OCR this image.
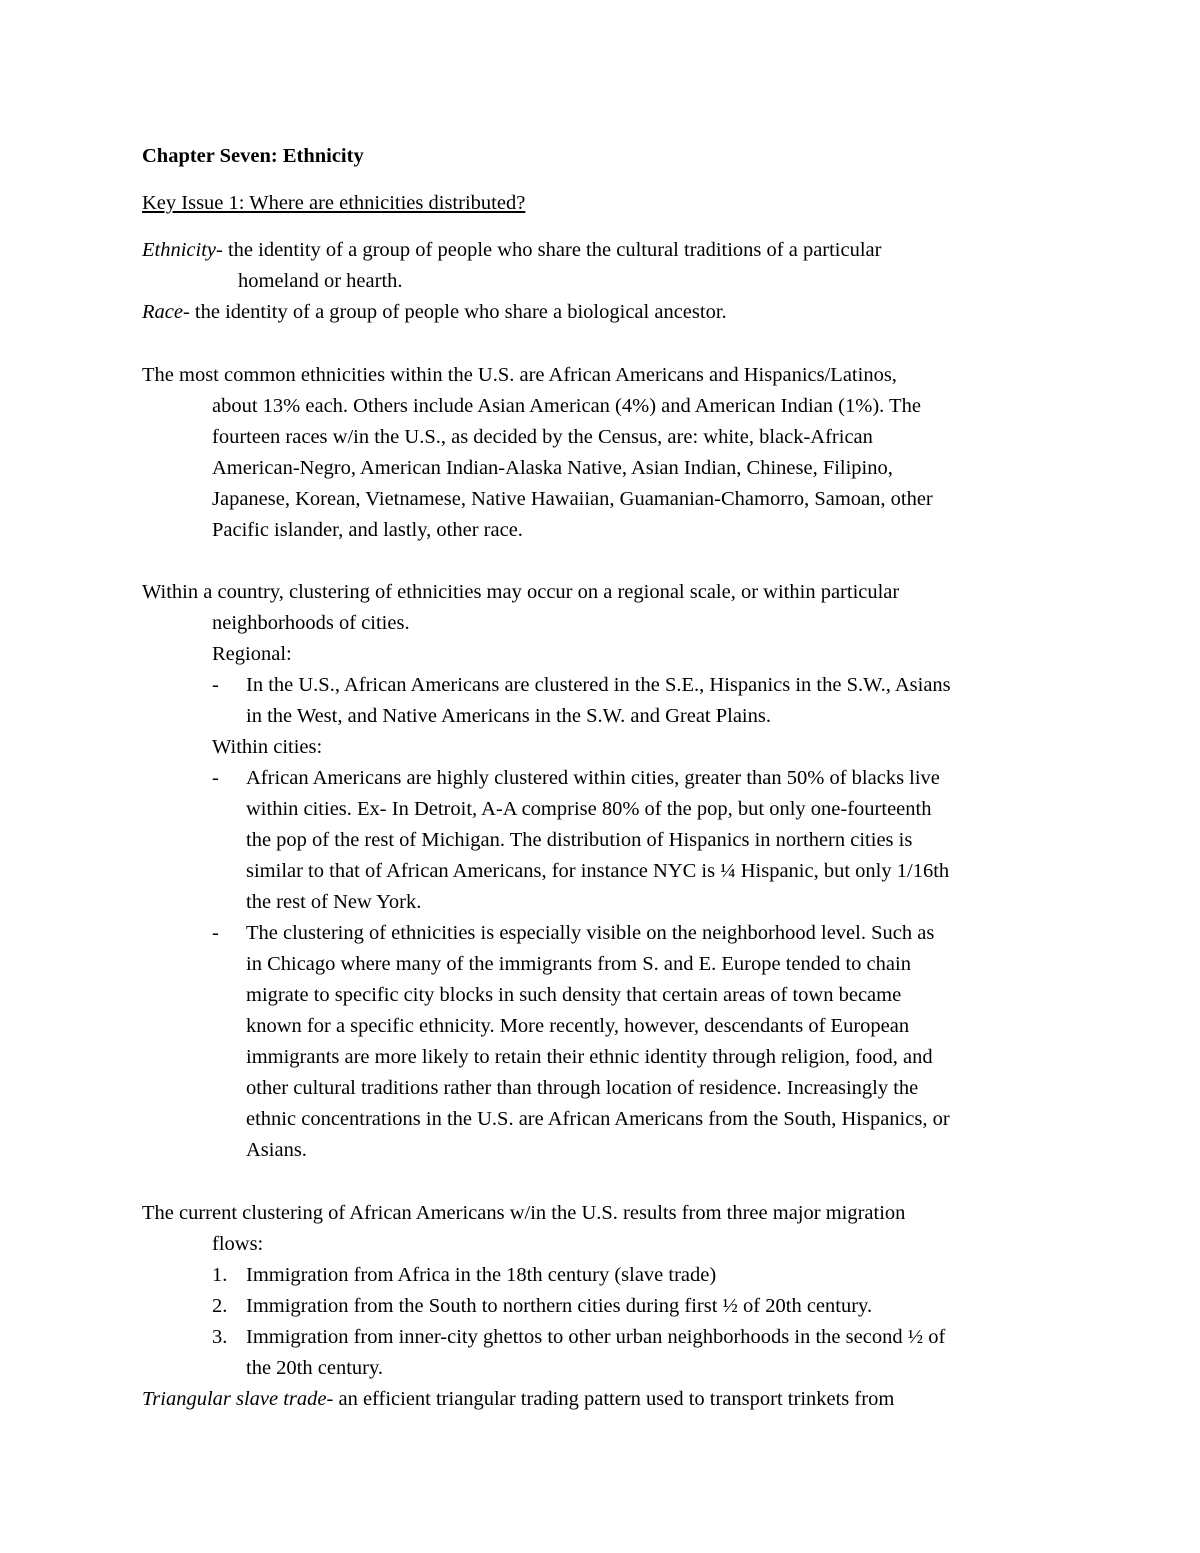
Chapter Seven: Ethnicity
Key Issue 1: Where are ethnicities distributed?
Ethnicity- the identity of a group of people who share the cultural traditions of a particular
homeland or hearth.
Race- the identity of a group of people who share a biological ancestor.
The most common ethnicities within the U.S. are African Americans and Hispanics/Latinos,
about 13% each. Others include Asian American (4%) and American Indian (1%). The
fourteen races w/in the U.S., as decided by the Census, are: white, black-African
American-Negro, American Indian-Alaska Native, Asian Indian, Chinese, Filipino,
Japanese, Korean, Vietnamese, Native Hawaiian, Guamanian-Chamorro, Samoan, other
Pacific islander, and lastly, other race.
Within a country, clustering of ethnicities may occur on a regional scale, or within particular
neighborhoods of cities.
Regional:
- In the U.S., African Americans are clustered in the S.E., Hispanics in the S.W., Asians
in the West, and Native Americans in the S.W. and Great Plains.
Within cities:
- African Americans are highly clustered within cities, greater than 50% of blacks live
within cities. Ex- In Detroit, A-A comprise 80% of the pop, but only one-fourteenth
the pop of the rest of Michigan. The distribution of Hispanics in northern cities is
similar to that of African Americans, for instance NYC is ¼ Hispanic, but only 1/16th
the rest of New York.
- The clustering of ethnicities is especially visible on the neighborhood level. Such as
in Chicago where many of the immigrants from S. and E. Europe tended to chain
migrate to specific city blocks in such density that certain areas of town became
known for a specific ethnicity. More recently, however, descendants of European
immigrants are more likely to retain their ethnic identity through religion, food, and
other cultural traditions rather than through location of residence. Increasingly the
ethnic concentrations in the U.S. are African Americans from the South, Hispanics, or
Asians.
The current clustering of African Americans w/in the U.S. results from three major migration
flows:
1. Immigration from Africa in the 18th century (slave trade)
2. Immigration from the South to northern cities during first ½ of 20th century.
3. Immigration from inner-city ghettos to other urban neighborhoods in the second ½ of
the 20th century.
Triangular slave trade- an efficient triangular trading pattern used to transport trinkets from
